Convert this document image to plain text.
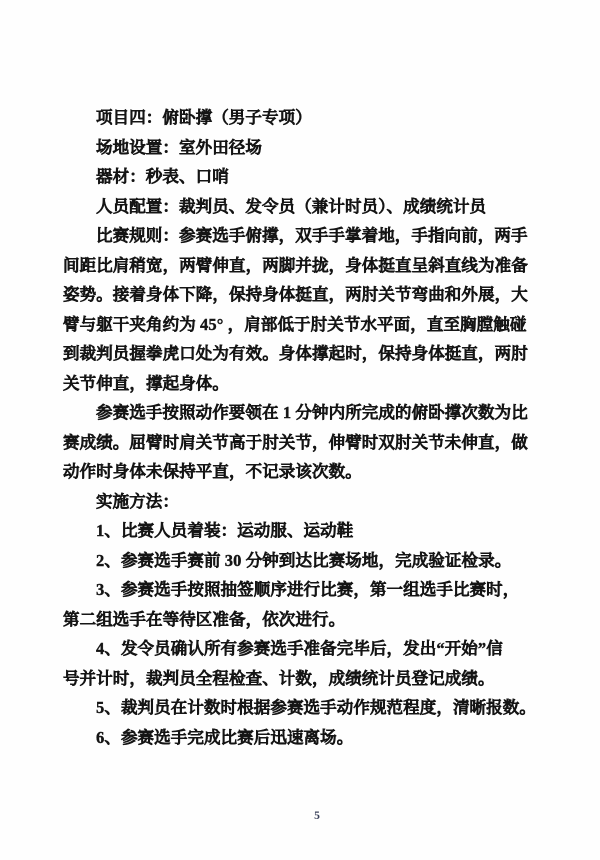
项目四：俯卧撑（男子专项）
场地设置：室外田径场
器材：秒表、口哨
人员配置：裁判员、发令员（兼计时员）、成绩统计员
比赛规则：参赛选手俯撑，双手手掌着地，手指向前，两手
间距比肩稍宽，两臂伸直，两脚并拢，身体挺直呈斜直线为准备
姿势。接着身体下降，保持身体挺直，两肘关节弯曲和外展，大
臂与躯干夹角约为 45° ，肩部低于肘关节水平面，直至胸膛触碰
到裁判员握拳虎口处为有效。身体撑起时，保持身体挺直，两肘
关节伸直，撑起身体。
参赛选手按照动作要领在 1 分钟内所完成的俯卧撑次数为比
赛成绩。屈臂时肩关节高于肘关节，伸臂时双肘关节未伸直，做
动作时身体未保持平直，不记录该次数。
实施方法：
1、比赛人员着装：运动服、运动鞋
2、参赛选手赛前 30 分钟到达比赛场地，完成验证检录。
3、参赛选手按照抽签顺序进行比赛，第一组选手比赛时，
第二组选手在等待区准备，依次进行。
4、发令员确认所有参赛选手准备完毕后，发出“开始”信
号并计时，裁判员全程检查、计数，成绩统计员登记成绩。
5、裁判员在计数时根据参赛选手动作规范程度，清晰报数。
6、参赛选手完成比赛后迅速离场。
5
